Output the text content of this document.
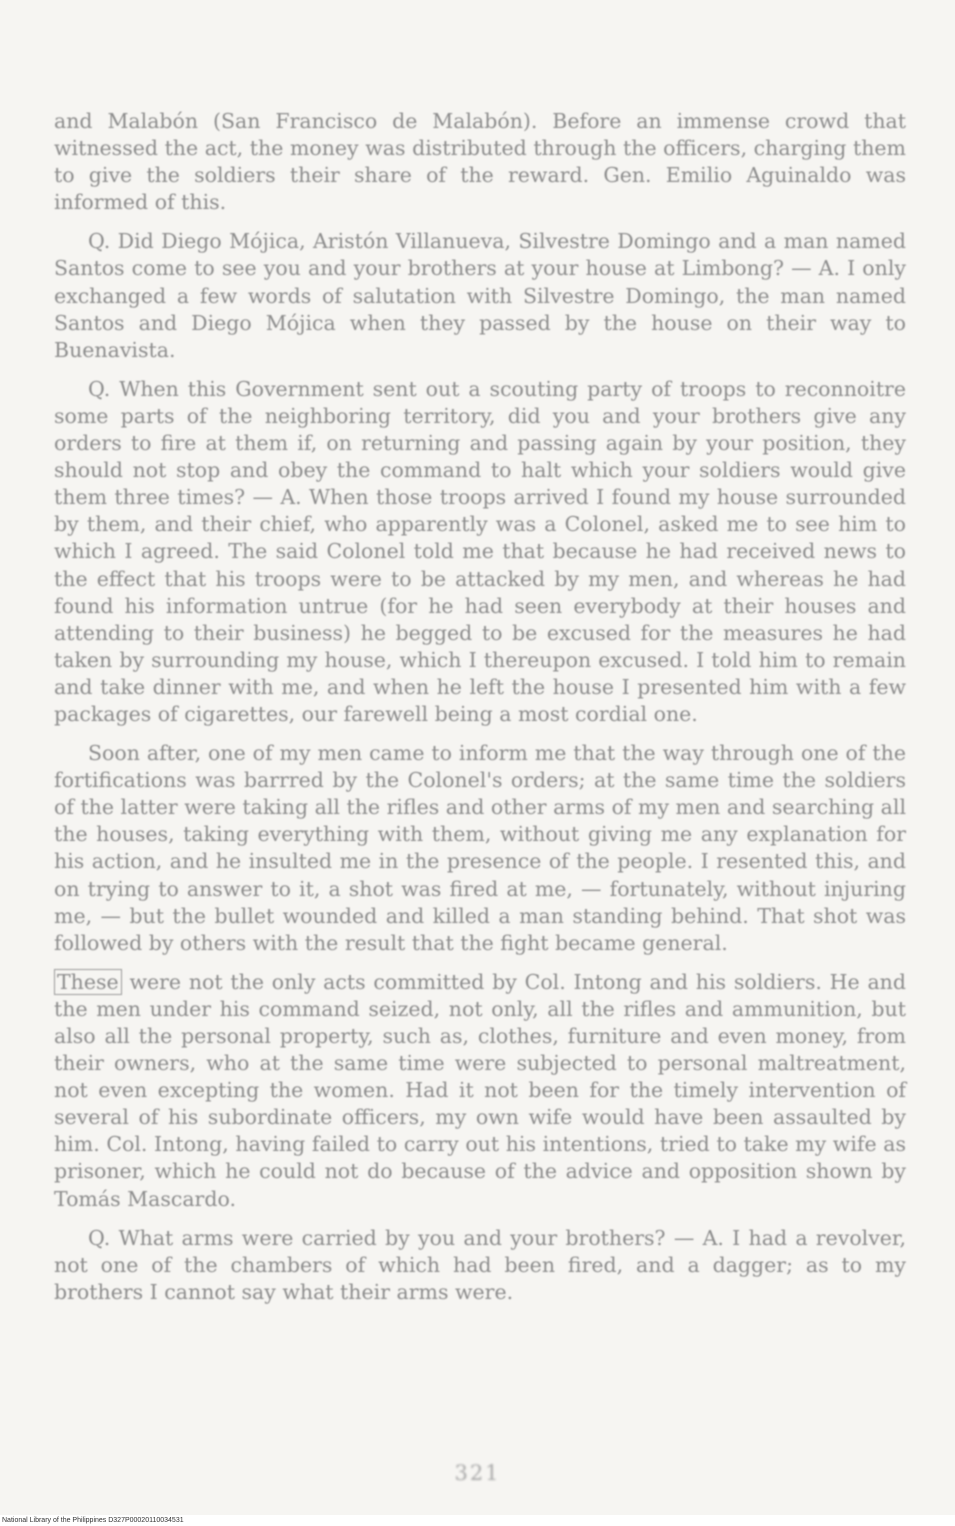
and Malabón (San Francisco de Malabón). Before an immense crowd that witnessed the act, the money was distributed through the officers, charging them to give the soldiers their share of the reward. Gen. Emilio Aguinaldo was informed of this.

Q. Did Diego Mójica, Aristón Villanueva, Silvestre Domingo and a man named Santos come to see you and your brothers at your house at Limbong? — A. I only exchanged a few words of salutation with Silvestre Domingo, the man named Santos and Diego Mójica when they passed by the house on their way to Buenavista.

Q. When this Government sent out a scouting party of troops to reconnoitre some parts of the neighboring territory, did you and your brothers give any orders to fire at them if, on returning and passing again by your position, they should not stop and obey the command to halt which your soldiers would give them three times? — A. When those troops arrived I found my house surrounded by them, and their chief, who apparently was a Colonel, asked me to see him to which I agreed. The said Colonel told me that because he had received news to the effect that his troops were to be attacked by my men, and whereas he had found his information untrue (for he had seen everybody at their houses and attending to their business) he begged to be excused for the measures he had taken by surrounding my house, which I thereupon excused. I told him to remain and take dinner with me, and when he left the house I presented him with a few packages of cigarettes, our farewell being a most cordial one.

Soon after, one of my men came to inform me that the way through one of the fortifications was barrred by the Colonel's orders; at the same time the soldiers of the latter were taking all the rifles and other arms of my men and searching all the houses, taking everything with them, without giving me any explanation for his action, and he insulted me in the presence of the people. I resented this, and on trying to answer to it, a shot was fired at me, — fortunately, without injuring me, — but the bullet wounded and killed a man standing behind. That shot was followed by others with the result that the fight became general.

These were not the only acts committed by Col. Intong and his soldiers. He and the men under his command seized, not only, all the rifles and ammunition, but also all the personal property, such as, clothes, furniture and even money, from their owners, who at the same time were subjected to personal maltreatment, not even excepting the women. Had it not been for the timely intervention of several of his subordinate officers, my own wife would have been assaulted by him. Col. Intong, having failed to carry out his intentions, tried to take my wife as prisoner, which he could not do because of the advice and opposition shown by Tomás Mascardo.

Q. What arms were carried by you and your brothers? — A. I had a revolver, not one of the chambers of which had been fired, and a dagger; as to my brothers I cannot say what their arms were.

321
National Library of the Philippines D327P00020110034531
